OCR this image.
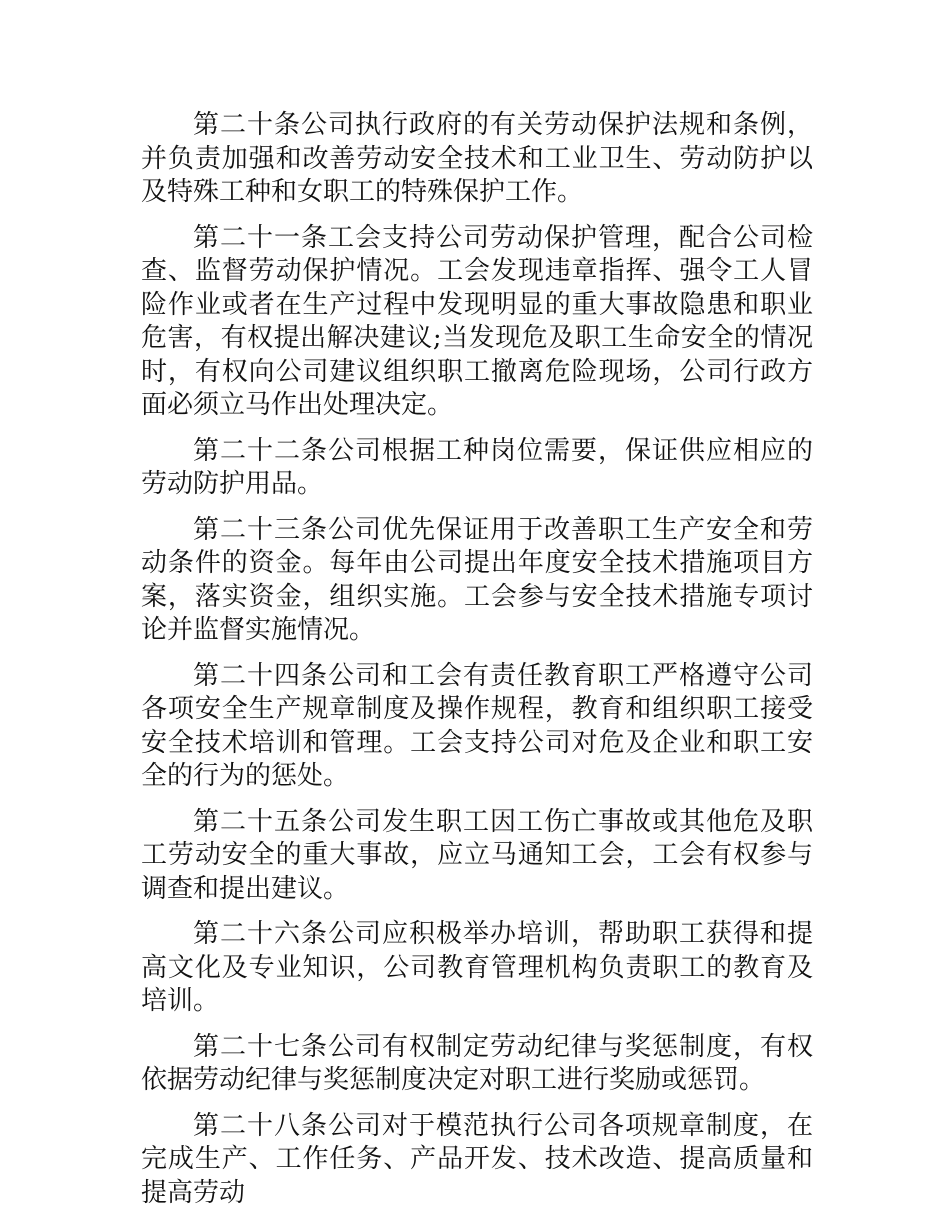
第二十条公司执行政府的有关劳动保护法规和条例，并负责加强和改善劳动安全技术和工业卫生、劳动防护以及特殊工种和女职工的特殊保护工作。

第二十一条工会支持公司劳动保护管理，配合公司检查、监督劳动保护情况。工会发现违章指挥、强令工人冒险作业或者在生产过程中发现明显的重大事故隐患和职业危害，有权提出解决建议;当发现危及职工生命安全的情况时，有权向公司建议组织职工撤离危险现场，公司行政方面必须立马作出处理决定。

第二十二条公司根据工种岗位需要，保证供应相应的劳动防护用品。

第二十三条公司优先保证用于改善职工生产安全和劳动条件的资金。每年由公司提出年度安全技术措施项目方案，落实资金，组织实施。工会参与安全技术措施专项讨论并监督实施情况。

第二十四条公司和工会有责任教育职工严格遵守公司各项安全生产规章制度及操作规程，教育和组织职工接受安全技术培训和管理。工会支持公司对危及企业和职工安全的行为的惩处。

第二十五条公司发生职工因工伤亡事故或其他危及职工劳动安全的重大事故，应立马通知工会，工会有权参与调查和提出建议。

第二十六条公司应积极举办培训，帮助职工获得和提高文化及专业知识，公司教育管理机构负责职工的教育及培训。

第二十七条公司有权制定劳动纪律与奖惩制度，有权依据劳动纪律与奖惩制度决定对职工进行奖励或惩罚。

第二十八条公司对于模范执行公司各项规章制度，在完成生产、工作任务、产品开发、技术改造、提高质量和提高劳动
